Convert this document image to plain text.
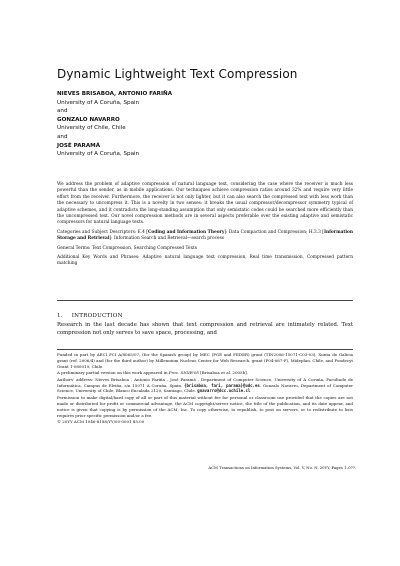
Dynamic Lightweight Text Compression
NIEVES BRISABOA, ANTONIO FARIÑA
University of A Coruña, Spain
and
GONZALO NAVARRO
University of Chile, Chile
and
JOSÉ PARAMÁ
University of A Coruña, Spain

We address the problem of adaptive compression of natural language text, considering the case where the receiver is much less powerful than the sender, as in mobile applications. Our techniques achieve compression ratios around 32% and require very little effort from the receiver. Furthermore, the receiver is not only lighter, but it can also search the compressed text with less work than the necessary to uncompress it. This is a novelty in two senses: it breaks the usual compressor/decompressor symmetry typical of adaptive schemes, and it contradicts the long-standing assumption that only semistatic codes could be searched more efficiently than the uncompressed text. Our novel compression methods are in several aspects preferable over the existing adaptive and semistatic compressors for natural language texts.

Categories and Subject Descriptors: E.4 [Coding and Information Theory]: Data Compaction and Compression; H.3.3 [Information Storage and Retrieval]: Information Search and Retrieval—search process

General Terms: Text Compression, Searching Compressed Texts

Additional Key Words and Phrases: Adaptive natural language text compression, Real time transmission, Compressed pattern matching

1. INTRODUCTION
Research in the last decade has shown that text compression and retrieval are intimately related. Text compression not only serves to save space, processing, and

Funded in part by AECI PCI A/8065/07, (for the Spanish group) by MEC (PGE and FEDER) grant (TIN2006-15071-C03-03), Xunta de Galicia grant (ref. 2006/4) and (for the third author) by Millennium Nucleus Center for Web Research, grant (P04-067-F), Mideplan, Chile, and Fondecyt Grant 1-080019, Chile.

A preliminary partial version on this work appeared in Proc. SIGIR'05 [Brisaboa et al. 2005b].

Authors' address: Nieves Brisaboa , Antonio Fariña , José Paramá , Department of Computer Science, University of A Coruña, Facultade de Informática, Campus de Elviña, s/n 15071 A Coruña, Spain. {brisaboa, fari, parama}@udc.es. Gonzalo Navarro, Department of Computer Science, University of Chile, Blanco Encalada 2120, Santiago, Chile. gnavarro@dcc.uchile.cl.

Permission to make digital/hard copy of all or part of this material without fee for personal or classroom use provided that the copies are not made or distributed for profit or commercial advantage, the ACM copyright/server notice, the title of the publication, and its date appear, and notice is given that copying is by permission of the ACM, Inc. To copy otherwise, to republish, to post on servers, or to redistribute to lists requires prior specific permission and/or a fee.

© 20YY ACM 1046-8188/YY/00-0001 $5.00

ACM Transactions on Information Systems, Vol. V, No. N, 20YY, Pages 1–0??.
